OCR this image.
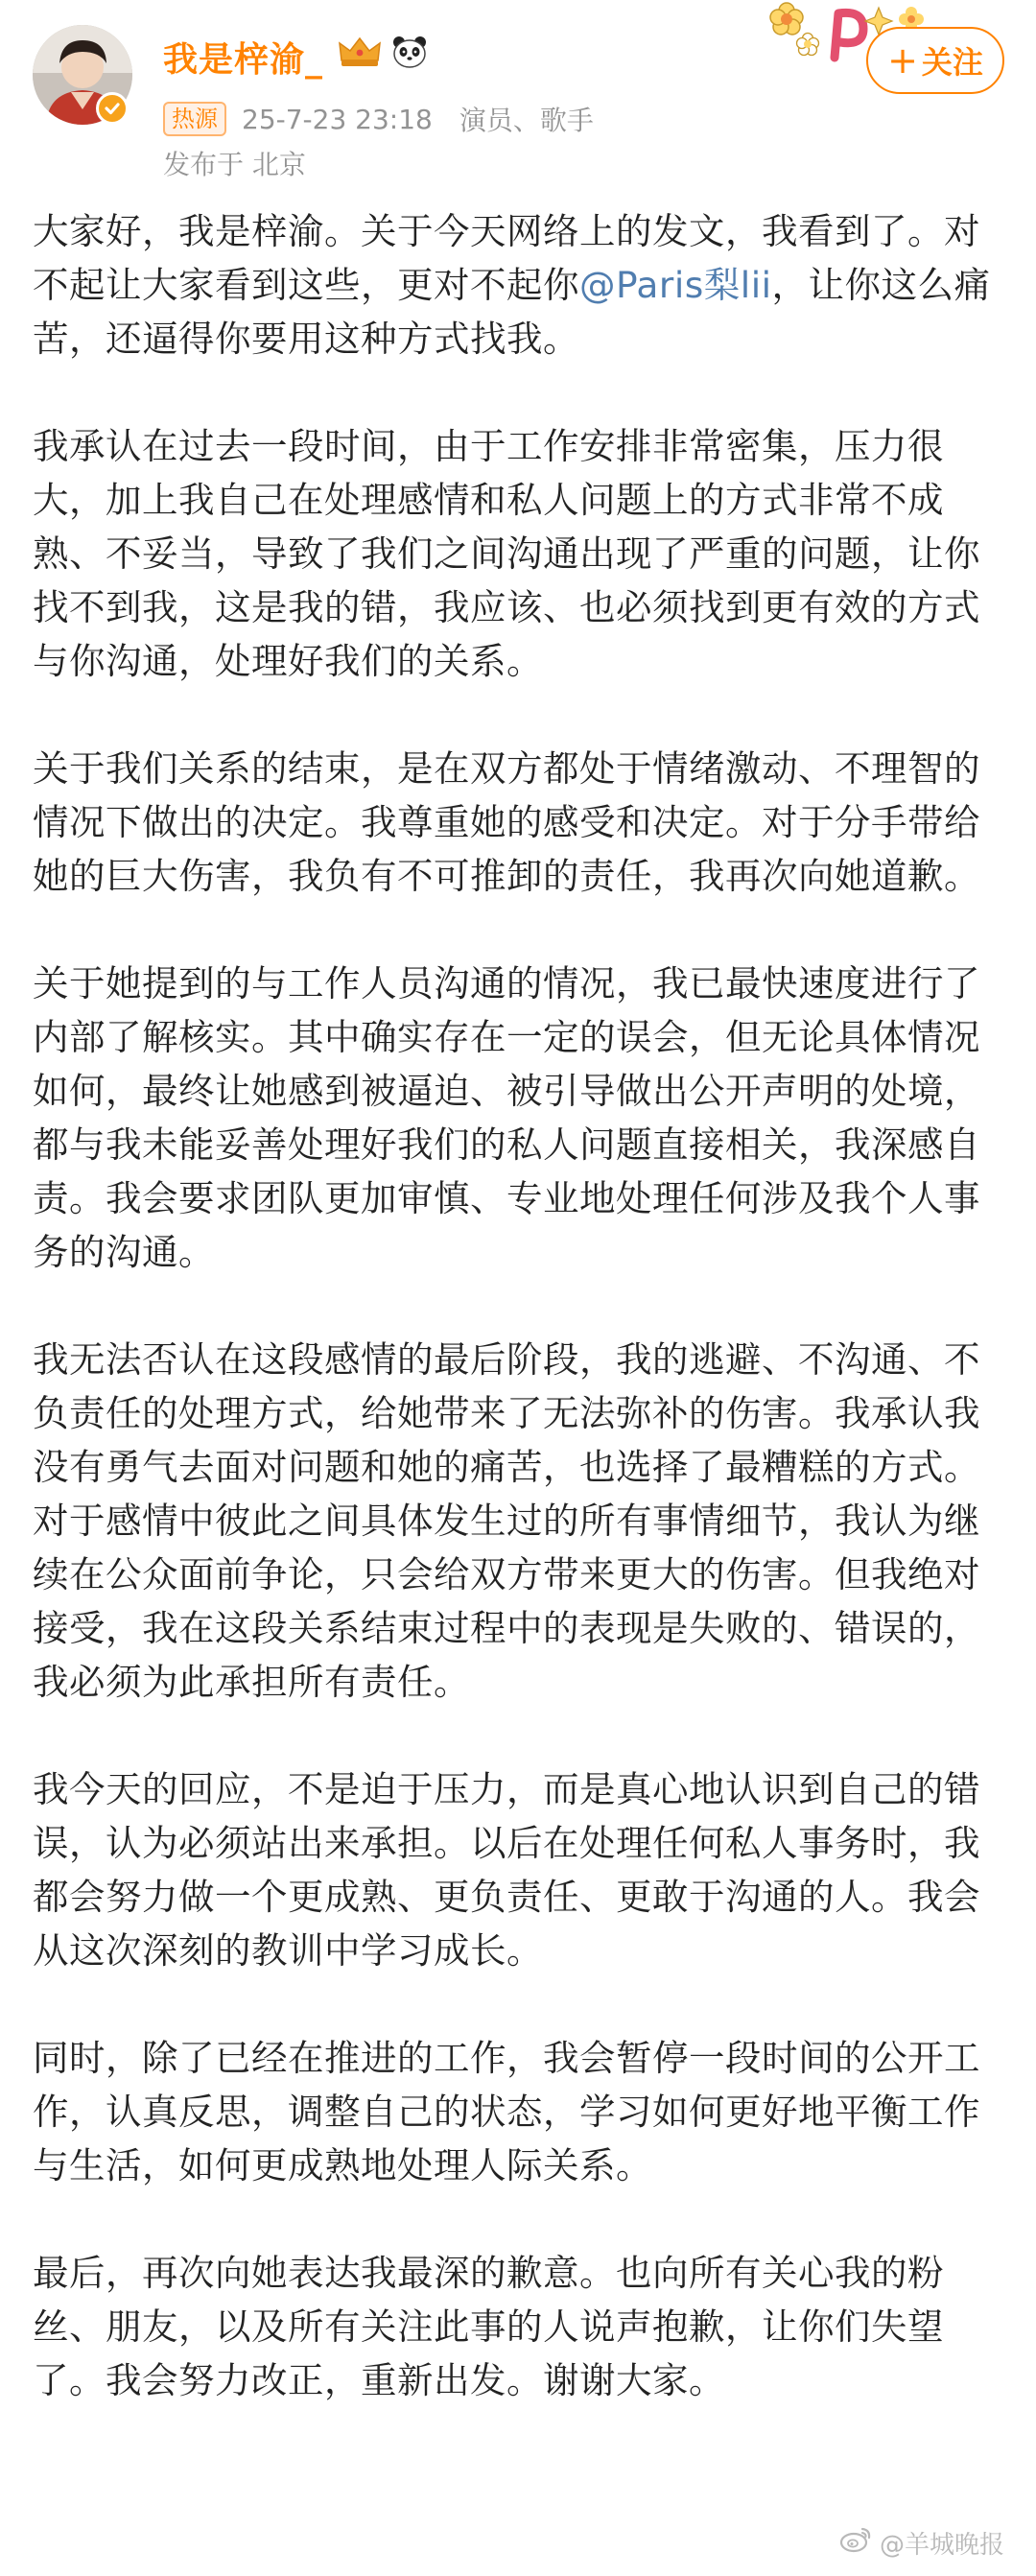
我是梓渝_
热源 25-7-23 23:18 演员、歌手
发布于 北京
+ 关注

大家好，我是梓渝。关于今天网络上的发文，我看到了。对不起让大家看到这些，更对不起你@Paris梨lii，让你这么痛苦，还逼得你要用这种方式找我。

我承认在过去一段时间，由于工作安排非常密集，压力很大，加上我自己在处理感情和私人问题上的方式非常不成熟、不妥当，导致了我们之间沟通出现了严重的问题，让你找不到我，这是我的错，我应该、也必须找到更有效的方式与你沟通，处理好我们的关系。

关于我们关系的结束，是在双方都处于情绪激动、不理智的情况下做出的决定。我尊重她的感受和决定。对于分手带给她的巨大伤害，我负有不可推卸的责任，我再次向她道歉。

关于她提到的与工作人员沟通的情况，我已最快速度进行了内部了解核实。其中确实存在一定的误会，但无论具体情况如何，最终让她感到被逼迫、被引导做出公开声明的处境，都与我未能妥善处理好我们的私人问题直接相关，我深感自责。我会要求团队更加审慎、专业地处理任何涉及我个人事务的沟通。

我无法否认在这段感情的最后阶段，我的逃避、不沟通、不负责任的处理方式，给她带来了无法弥补的伤害。我承认我没有勇气去面对问题和她的痛苦，也选择了最糟糕的方式。对于感情中彼此之间具体发生过的所有事情细节，我认为继续在公众面前争论，只会给双方带来更大的伤害。但我绝对接受，我在这段关系结束过程中的表现是失败的、错误的，我必须为此承担所有责任。

我今天的回应，不是迫于压力，而是真心地认识到自己的错误，认为必须站出来承担。以后在处理任何私人事务时，我都会努力做一个更成熟、更负责任、更敢于沟通的人。我会从这次深刻的教训中学习成长。

同时，除了已经在推进的工作，我会暂停一段时间的公开工作，认真反思，调整自己的状态，学习如何更好地平衡工作与生活，如何更成熟地处理人际关系。

最后，再次向她表达我最深的歉意。也向所有关心我的粉丝、朋友，以及所有关注此事的人说声抱歉，让你们失望了。我会努力改正，重新出发。谢谢大家。

@羊城晚报
